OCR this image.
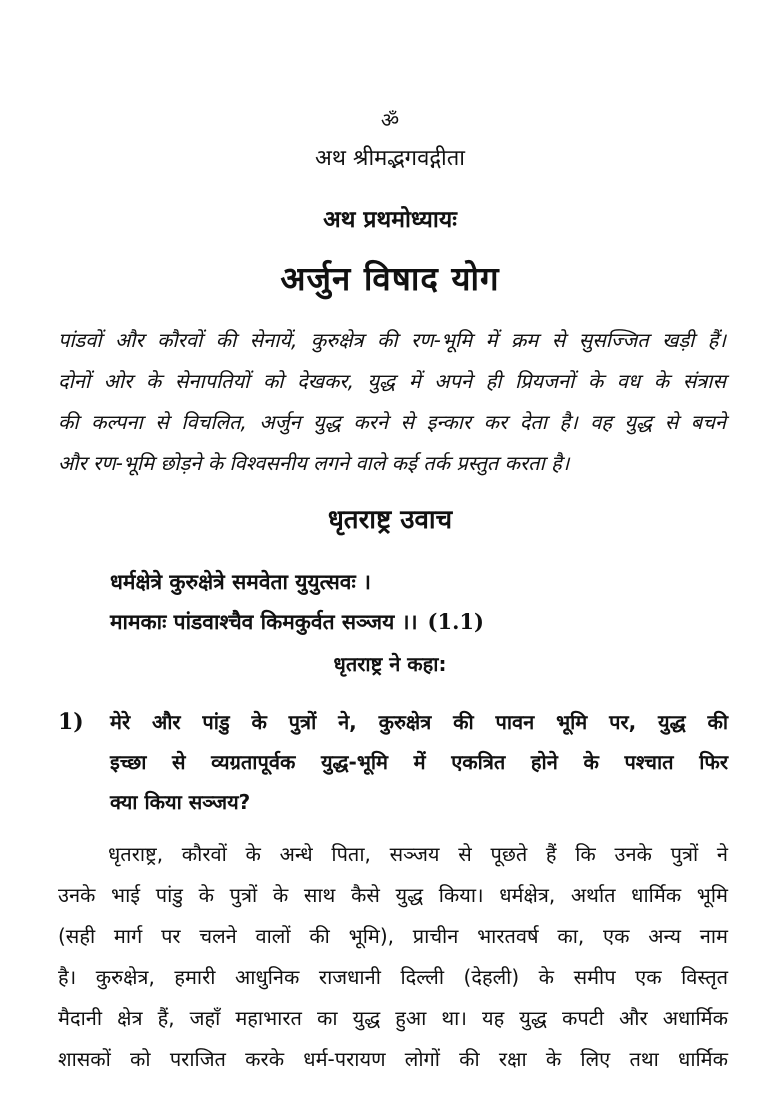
ॐ
अथ श्रीमद्भगवद्गीता
अथ प्रथमोध्यायः
अर्जुन विषाद योग
पांडवों और कौरवों की सेनायें, कुरुक्षेत्र की रण-भूमि में क्रम से सुसज्जित खड़ी हैं।
दोनों ओर के सेनापतियों को देखकर, युद्ध में अपने ही प्रियजनों के वध के संत्रास
की कल्पना से विचलित, अर्जुन युद्ध करने से इन्कार कर देता है। वह युद्ध से बचने
और रण-भूमि छोड़ने के विश्वसनीय लगने वाले कई तर्क प्रस्तुत करता है।
धृतराष्ट्र उवाच
धर्मक्षेत्रे कुरुक्षेत्रे समवेता युयुत्सवः ।
मामकाः पांडवाश्चैव किमकुर्वत सञ्जय ।। (1.1)
धृतराष्ट्र ने कहा:
1) मेरे और पांडु के पुत्रों ने, कुरुक्षेत्र की पावन भूमि पर, युद्ध की
इच्छा से व्यग्रतापूर्वक युद्ध-भूमि में एकत्रित होने के पश्चात फिर
क्या किया सञ्जय?
धृतराष्ट्र, कौरवों के अन्धे पिता, सञ्जय से पूछते हैं कि उनके पुत्रों ने
उनके भाई पांडु के पुत्रों के साथ कैसे युद्ध किया। धर्मक्षेत्र, अर्थात धार्मिक भूमि
(सही मार्ग पर चलने वालों की भूमि), प्राचीन भारतवर्ष का, एक अन्य नाम
है। कुरुक्षेत्र, हमारी आधुनिक राजधानी दिल्ली (देहली) के समीप एक विस्तृत
मैदानी क्षेत्र हैं, जहाँ महाभारत का युद्ध हुआ था। यह युद्ध कपटी और अधार्मिक
शासकों को पराजित करके धर्म-परायण लोगों की रक्षा के लिए तथा धार्मिक
